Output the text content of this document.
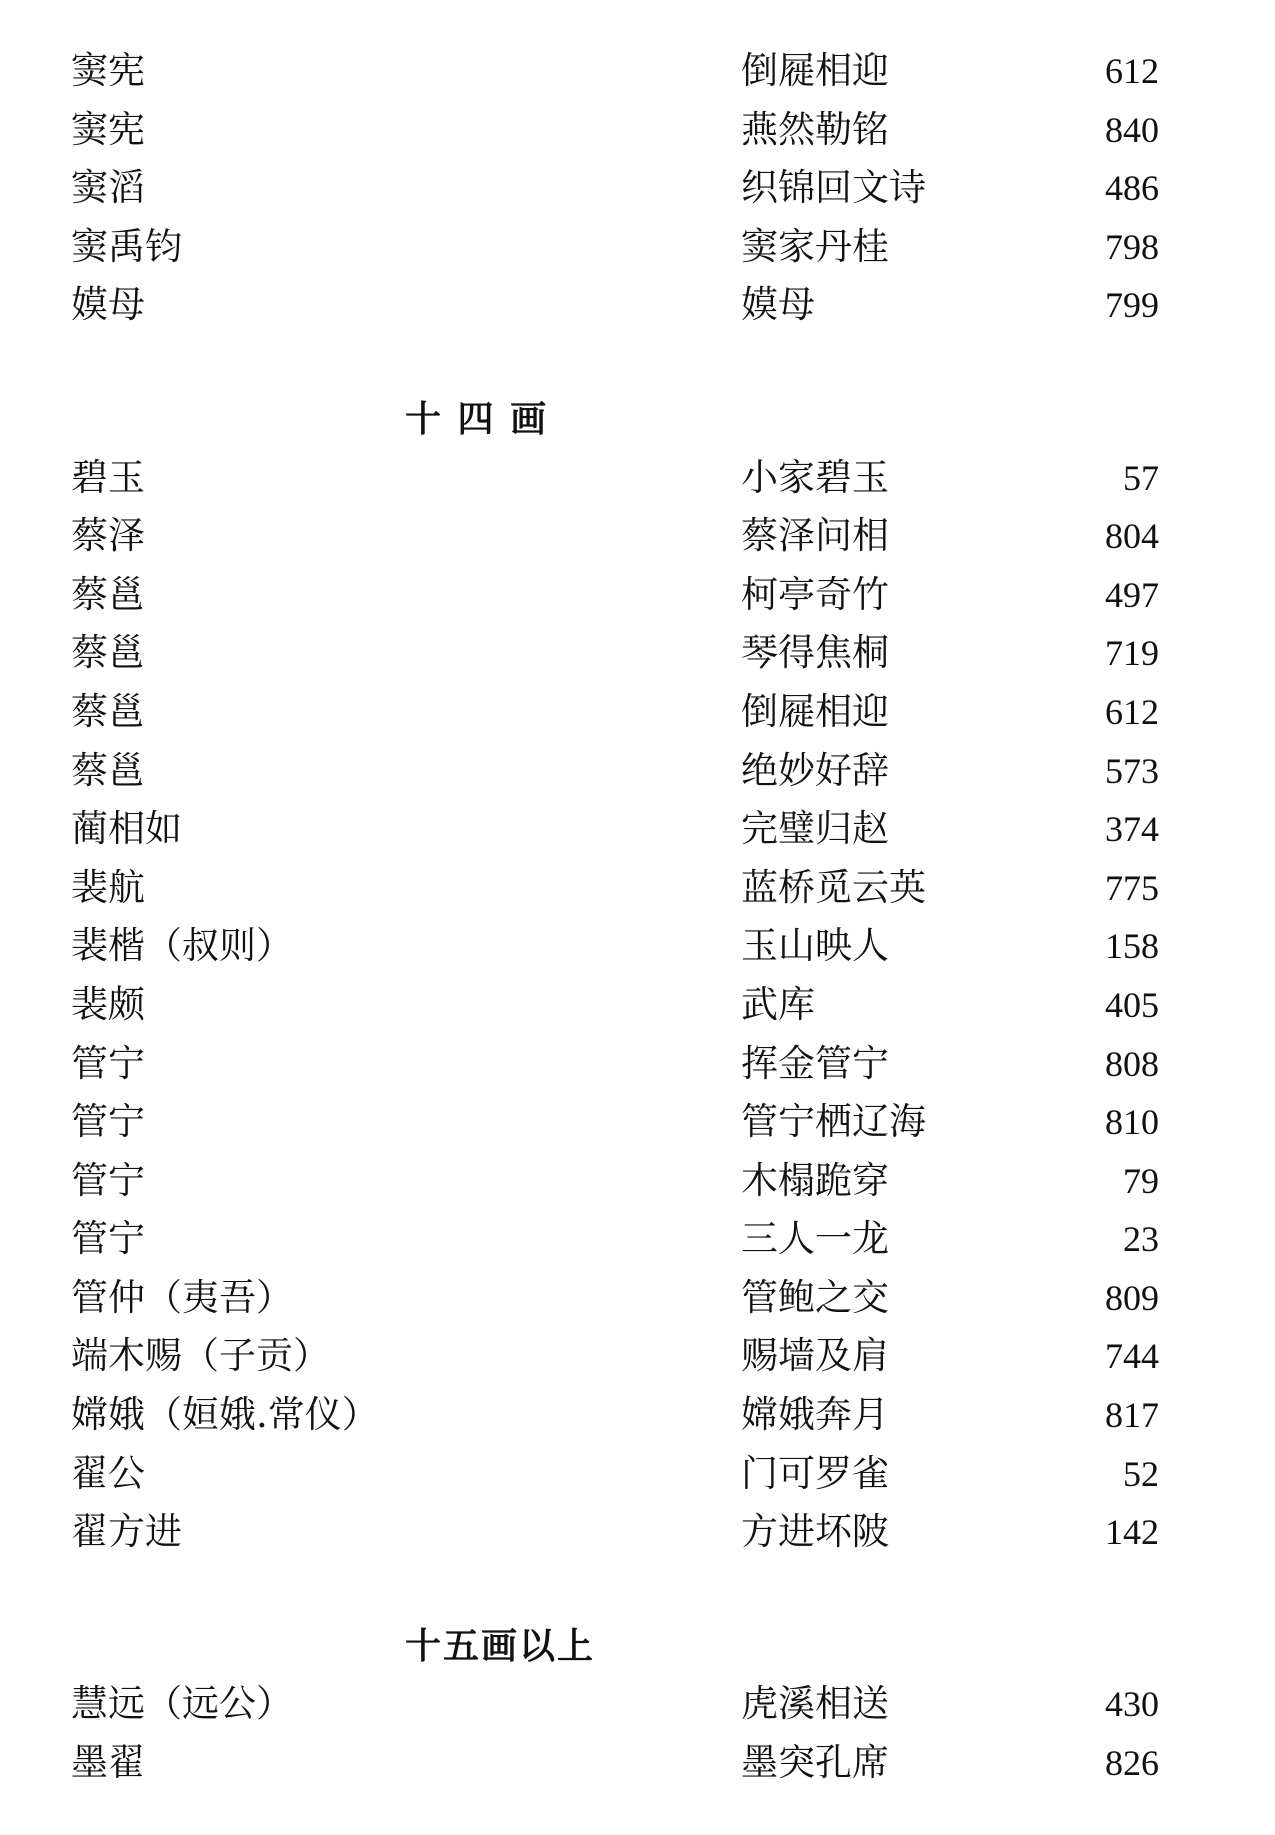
窦宪	倒屣相迎	612
窦宪	燕然勒铭	840
窦滔	织锦回文诗	486
窦禹钧	窦家丹桂	798
嫫母	嫫母	799
十 四 画
碧玉	小家碧玉	57
蔡泽	蔡泽问相	804
蔡邕	柯亭奇竹	497
蔡邕	琴得焦桐	719
蔡邕	倒屣相迎	612
蔡邕	绝妙好辞	573
蔺相如	完璧归赵	374
裴航	蓝桥觅云英	775
裴楷（叔则）	玉山映人	158
裴颇	武库	405
管宁	挥金管宁	808
管宁	管宁栖辽海	810
管宁	木榻跪穿	79
管宁	三人一龙	23
管仲（夷吾）	管鲍之交	809
端木赐（子贡）	赐墙及肩	744
嫦娥（姮娥.常仪）	嫦娥奔月	817
翟公	门可罗雀	52
翟方进	方进坏陂	142
十五画以上
慧远（远公）	虎溪相送	430
墨翟	墨突孔席	826
